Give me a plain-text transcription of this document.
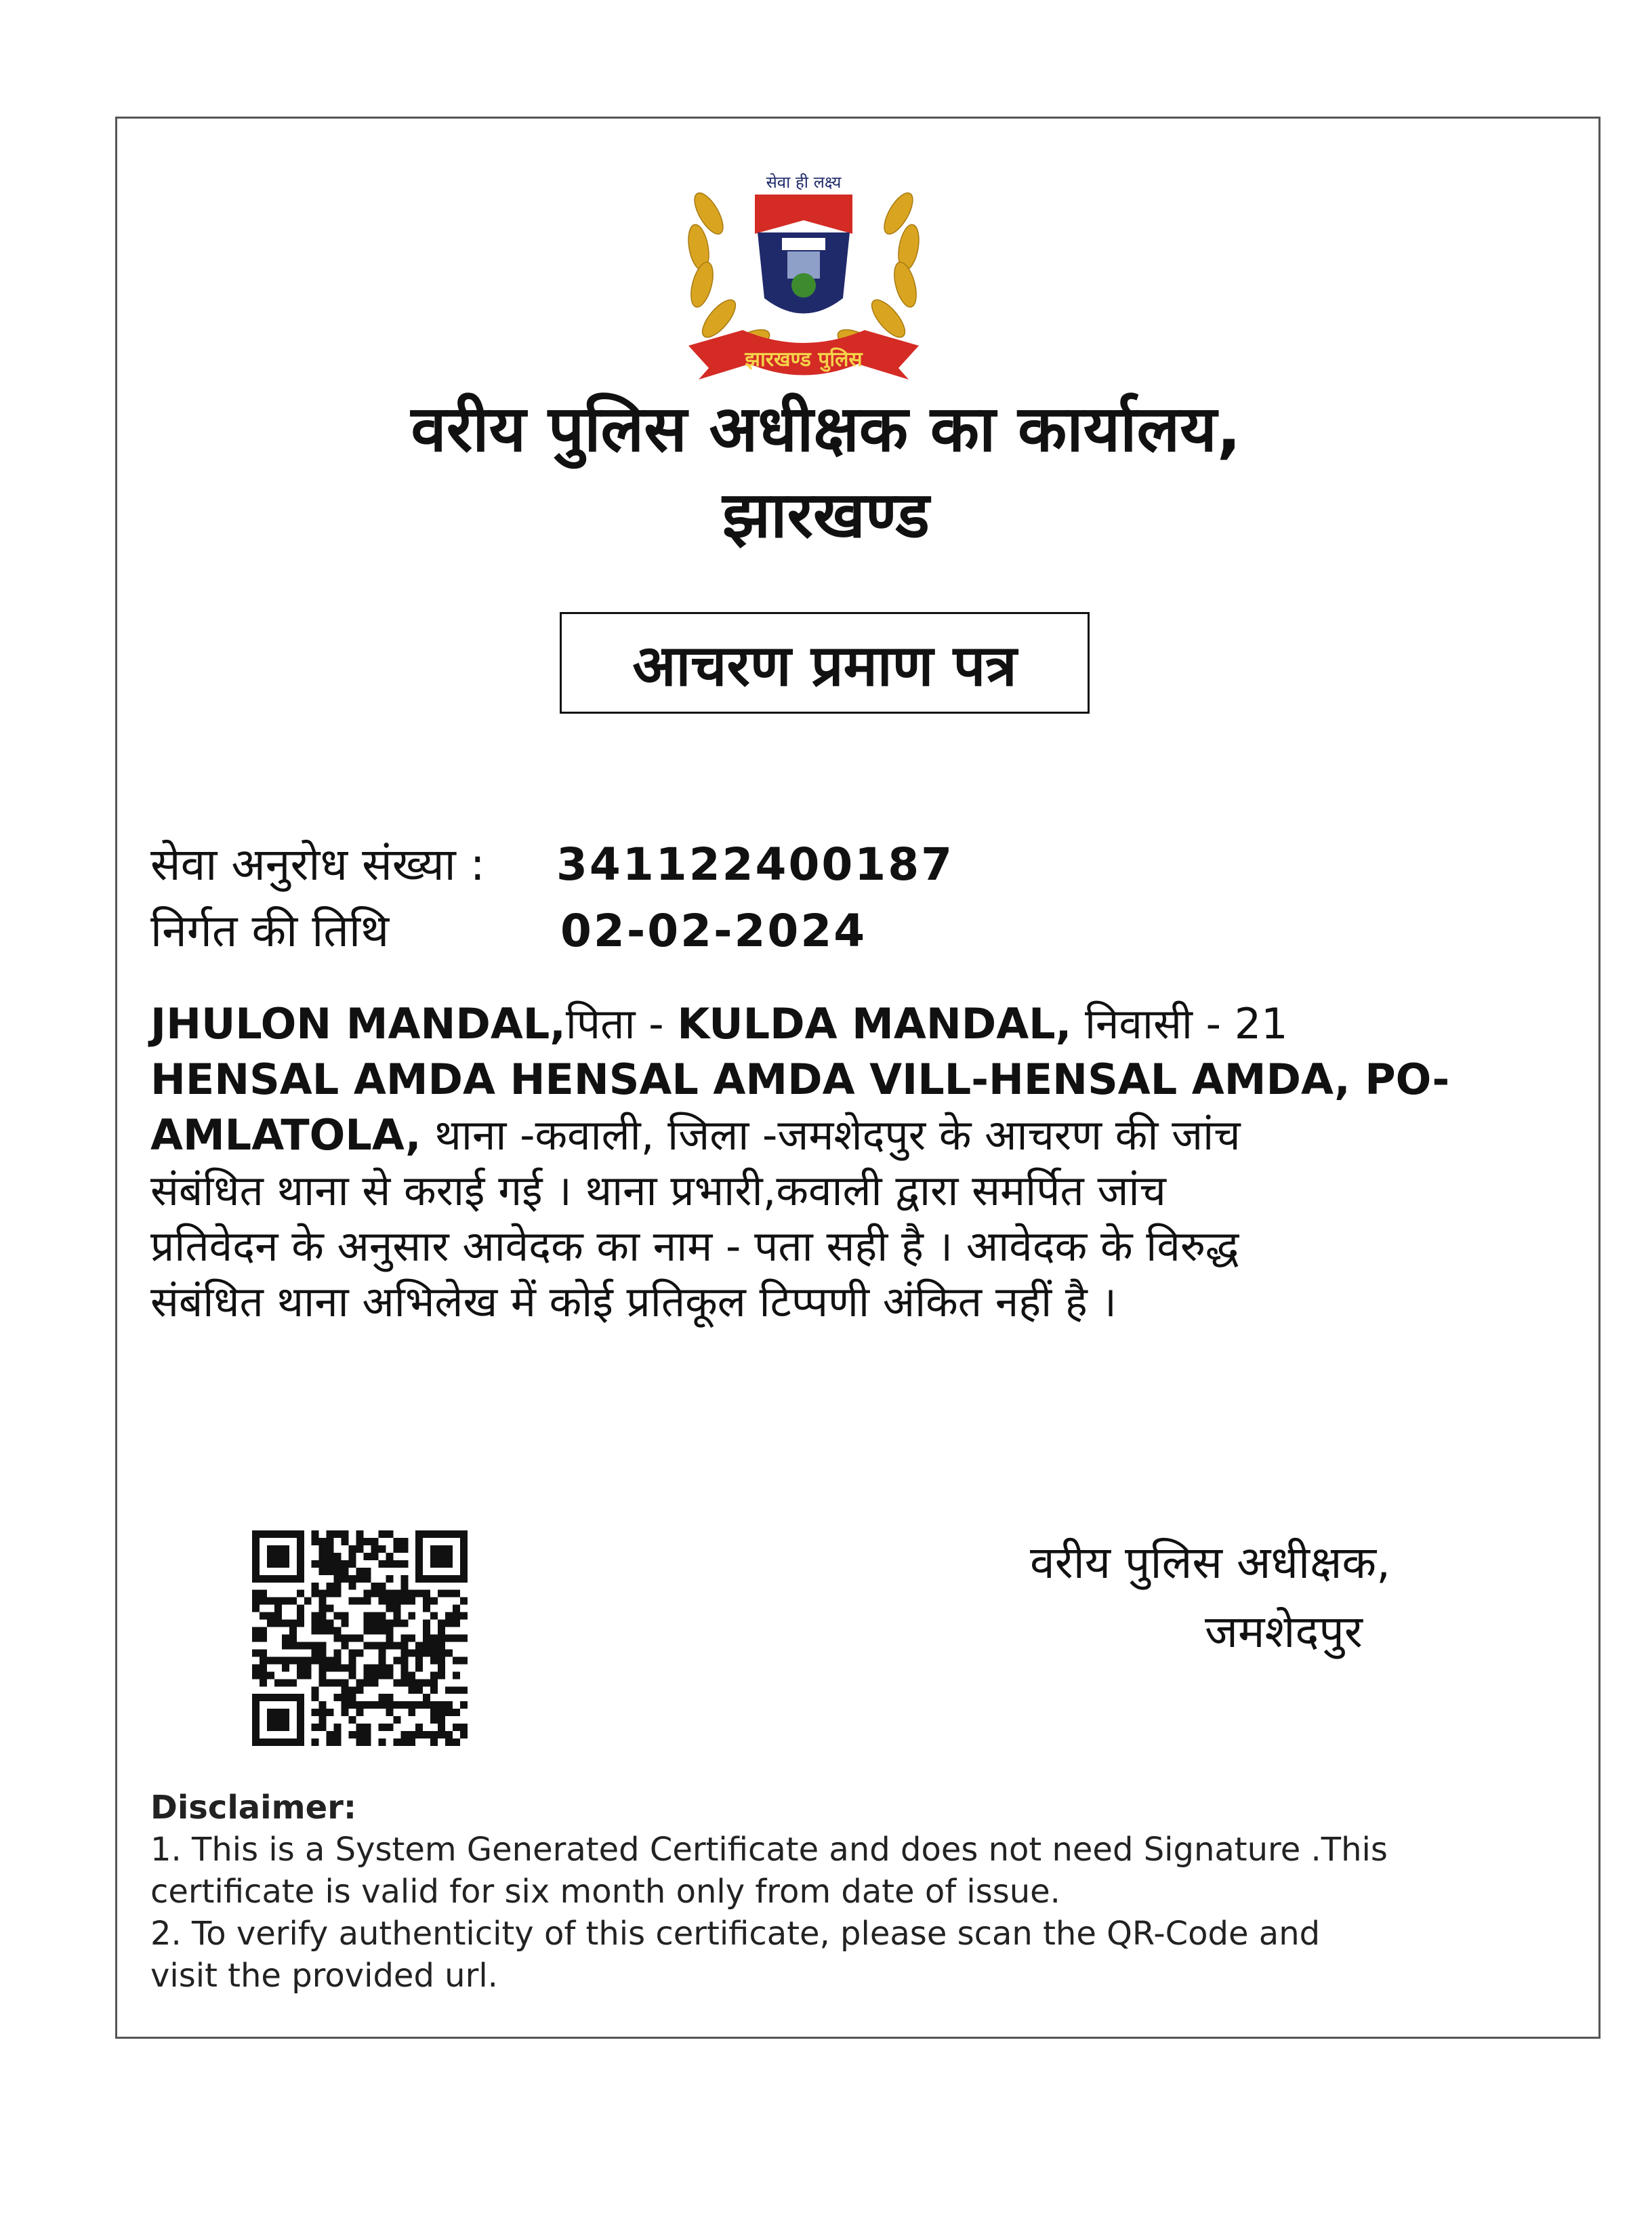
सेवा ही लक्ष्य
झारखण्ड पुलिस
वरीय पुलिस अधीक्षक का कार्यालय,
झारखण्ड
आचरण प्रमाण पत्र
सेवा अनुरोध संख्या :	341122400187
निर्गत की तिथि	02-02-2024
JHULON MANDAL,पिता - KULDA MANDAL, निवासी - 21
HENSAL AMDA HENSAL AMDA VILL-HENSAL AMDA, PO-
AMLATOLA, थाना -कवाली, जिला -जमशेदपुर के आचरण की जांच
संबंधित थाना से कराई गई । थाना प्रभारी,कवाली द्वारा समर्पित जांच
प्रतिवेदन के अनुसार आवेदक का नाम - पता सही है । आवेदक के विरुद्ध
संबंधित थाना अभिलेख में कोई प्रतिकूल टिप्पणी अंकित नहीं है ।
वरीय पुलिस अधीक्षक,
जमशेदपुर
Disclaimer:
1. This is a System Generated Certificate and does not need Signature .This
certificate is valid for six month only from date of issue.
2. To verify authenticity of this certificate, please scan the QR-Code and
visit the provided url.
